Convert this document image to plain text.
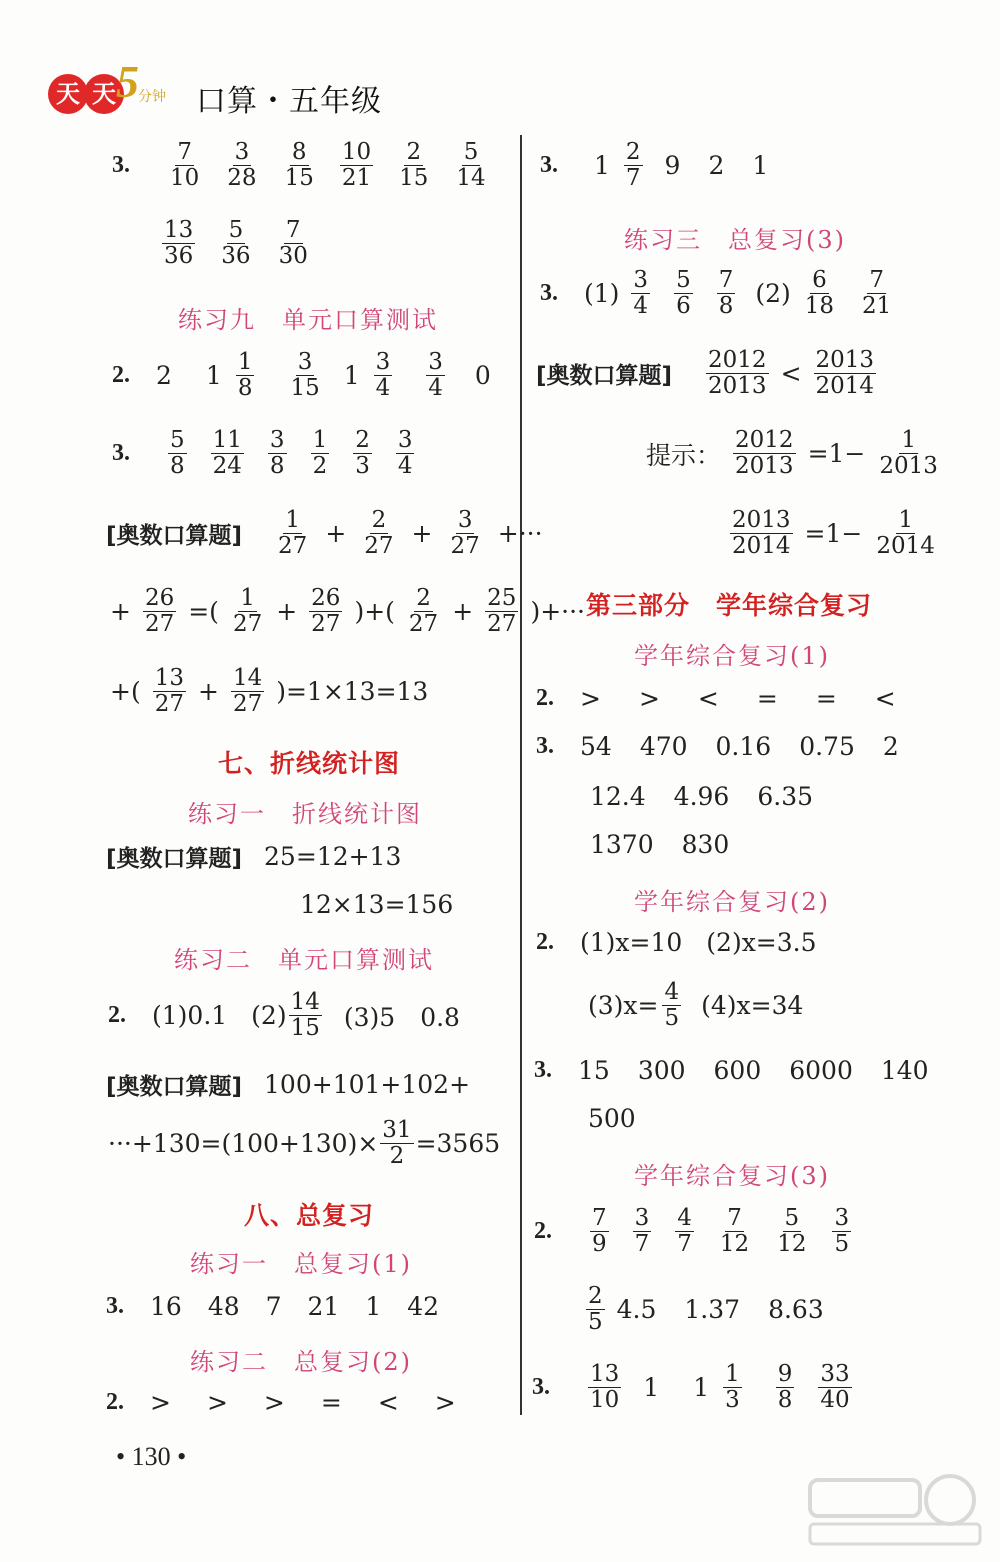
天 天 5 分钟 口算・五年级
3. $\frac{7}{10} \frac{3}{28} \frac{8}{15} \frac{10}{21} \frac{2}{15} \frac{5}{14}$
$\frac{13}{36} \frac{5}{36} \frac{7}{30}$
练习九　单元口算测试
2. 2 $1 \frac{1}{8} \frac{3}{15} 1 \frac{3}{4} \frac{3}{4} 0$
3. $\frac{5}{8} \frac{11}{24} \frac{3}{8} \frac{1}{2} \frac{2}{3} \frac{3}{4}$
[奥数口算题] $\frac{1}{27} + \frac{2}{27} + \frac{3}{27}$ +···
+ $\frac{26}{27}$ =( $\frac{1}{27} + \frac{26}{27}$ )+( $\frac{2}{27} + \frac{25}{27}$ )+···
+( $\frac{13}{27} + \frac{14}{27} )=1\times 13=13$
七、折线统计图
练习一　折线统计图
[奥数口算题] 25=12+13
12×13=156
练习二　单元口算测试
2. (1)0.1 $(2) \frac{14}{15} (3)5$　0.8
[奥数口算题] 100+101+102+
$\cdot\cdot\cdot+130=(100+130)\times \frac{31}{2} =3565$
八、总复习
练习一　总复习(1)
3. 16 48 7 21 1 42
练习二　总复习(2)
2. > > > = < >
• 130 •
3. $1 \frac{2}{7} 9$ 2 1
练习三　总复习(3)
3. $(1) \frac{3}{4} \frac{5}{6} \frac{7}{8} (2) \frac{6}{18} \frac{7}{21}$
[奥数口算题] $\frac{2012}{2013} < \frac{2013}{2014}$
提示： $\frac{2012}{2013} =1- \frac{1}{2013}$
$\frac{2013}{2014} =1- \frac{1}{2014}$
第三部分　学年综合复习
学年综合复习(1)
2. > > < = = <
3. 54 470 0.16 0.75 2
12.4 4.96 6.35
1370 830
学年综合复习(2)
2. (1)x=10 (2)x=3.5
$(3)x= \frac{4}{5} (4)x=34$
3. 15 300 600 6000 140
500
学年综合复习(3)
2. $\frac{7}{9} \frac{3}{7} \frac{4}{7} \frac{7}{12} \frac{5}{12} \frac{3}{5}$
$\frac{2}{5} 4.5$ 1.37 8.63
3. $\frac{13}{10} 1$ $1 \frac{1}{3} \frac{9}{8} \frac{33}{40}$
